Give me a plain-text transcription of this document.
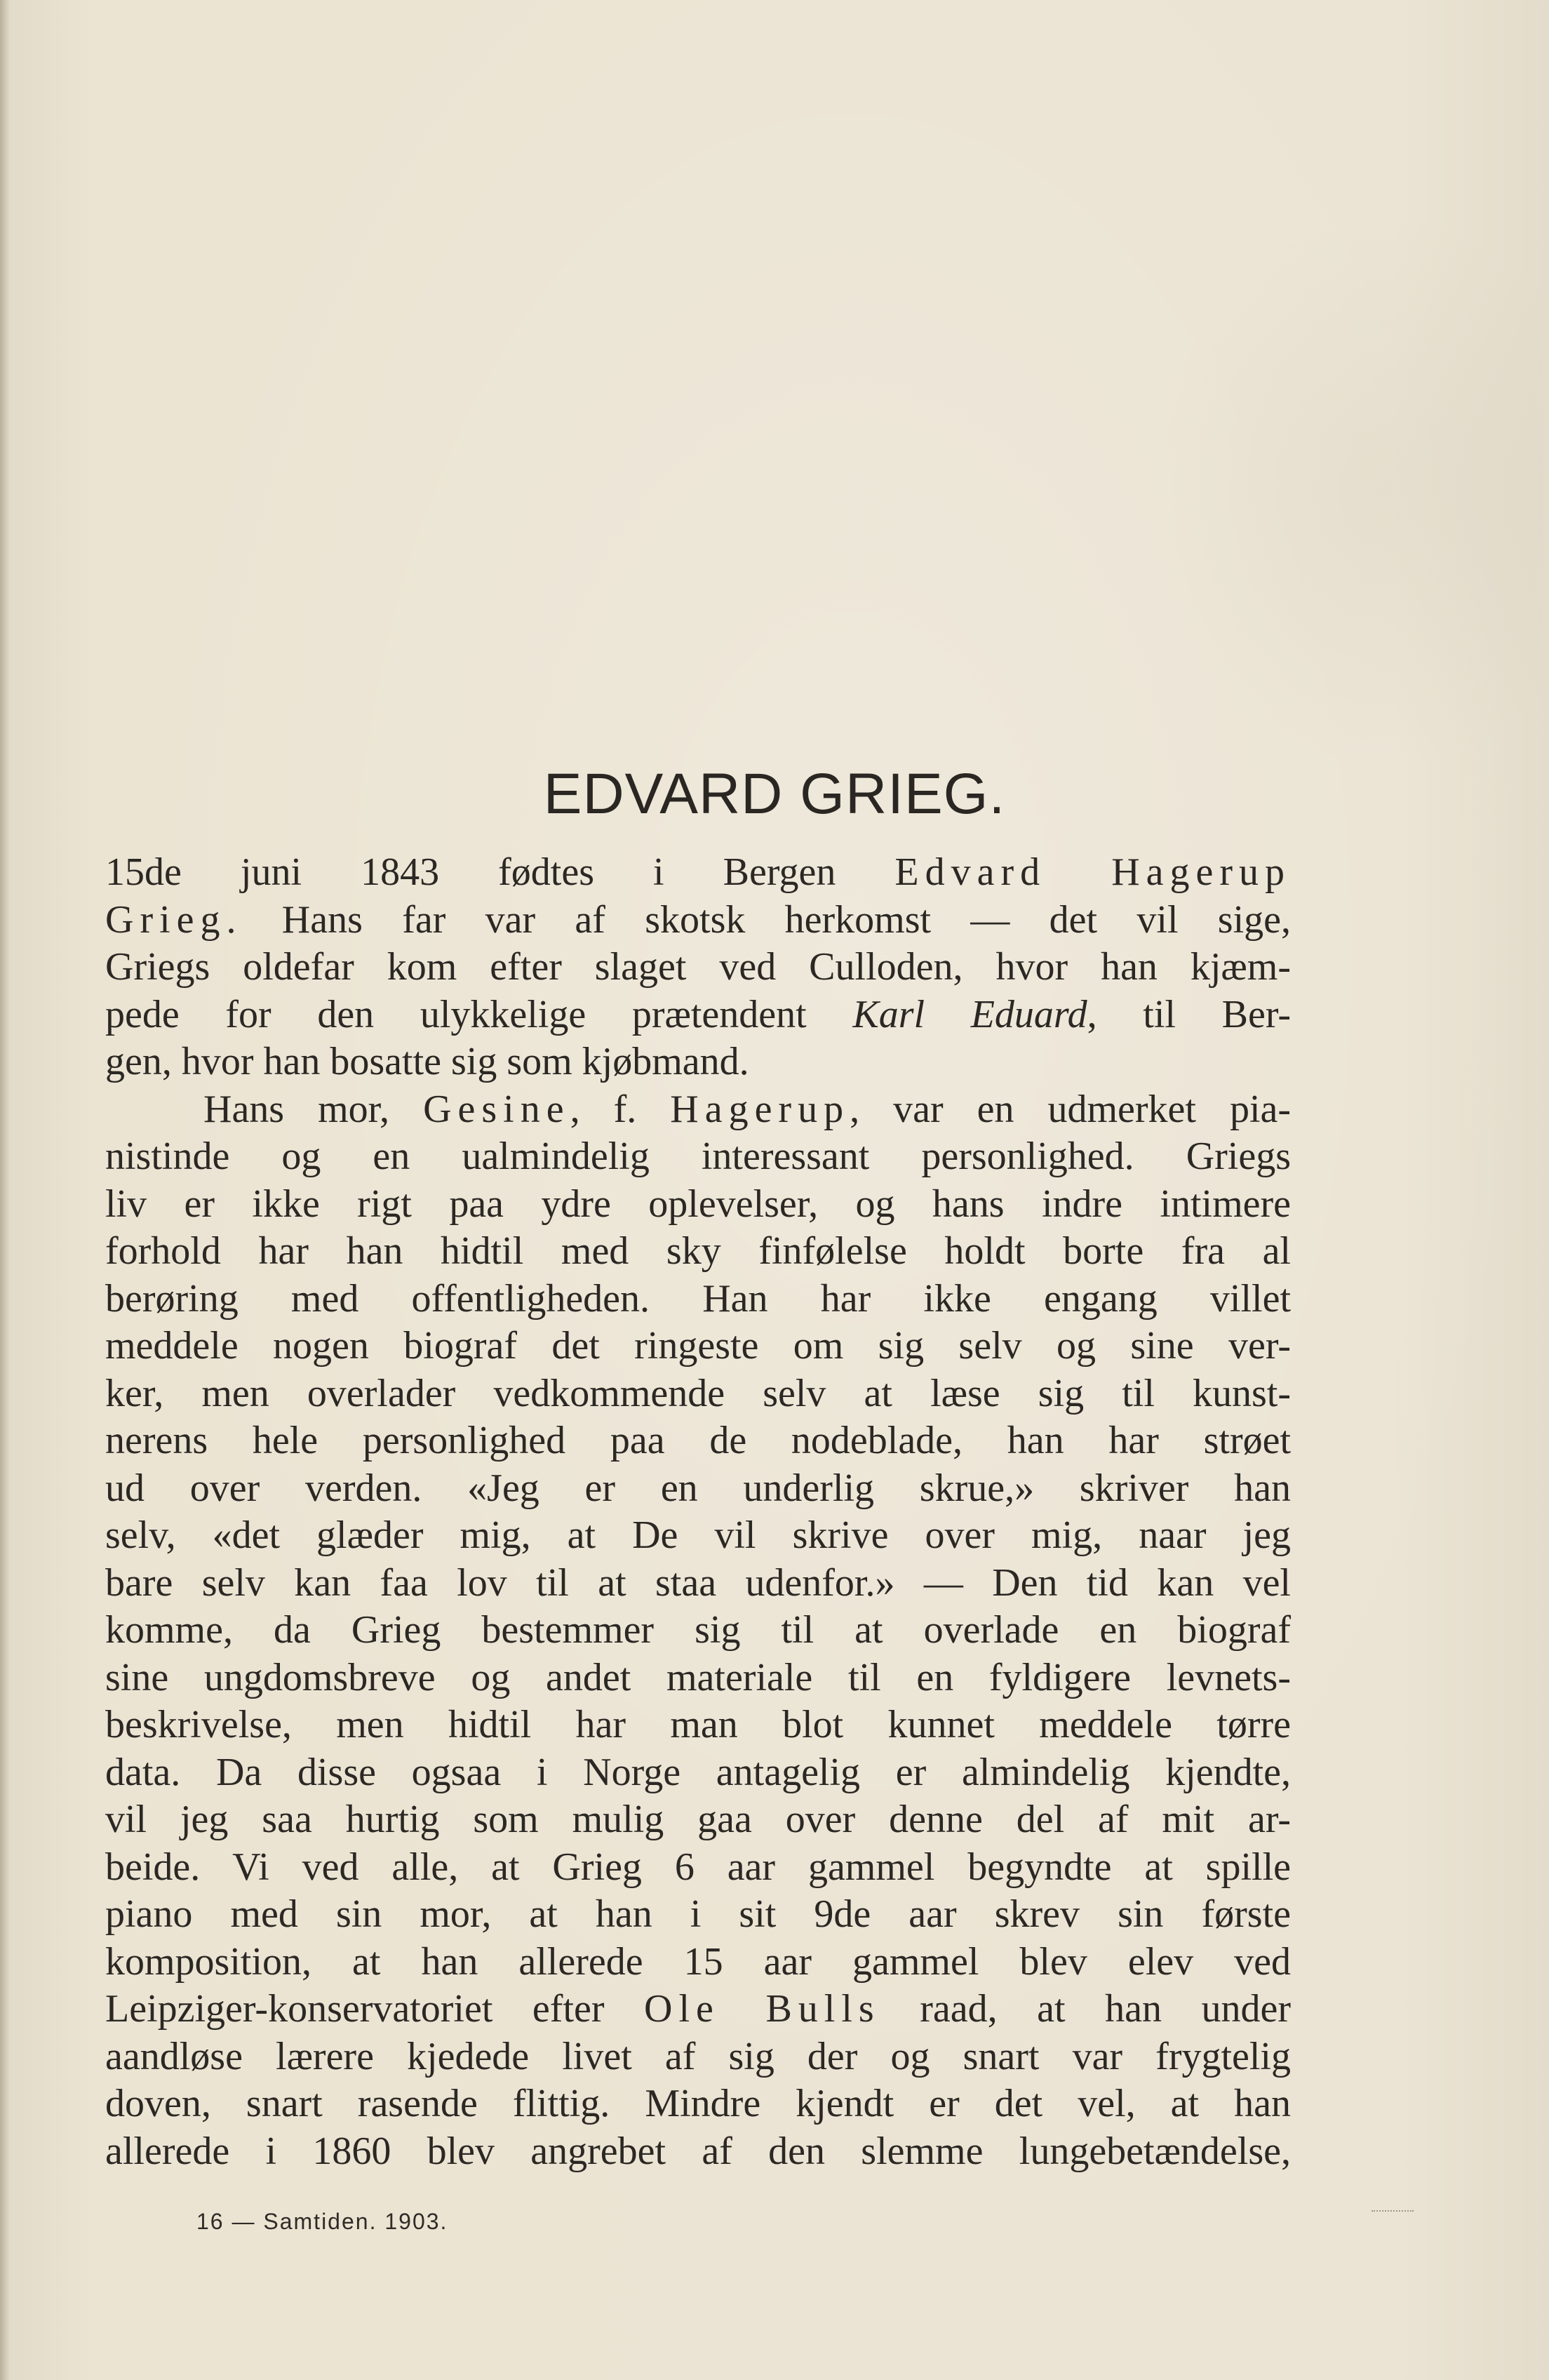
EDVARD GRIEG.
15de juni 1843 fødtes i Bergen Edvard Hagerup
Grieg. Hans far var af skotsk herkomst — det vil sige,
Griegs oldefar kom efter slaget ved Culloden, hvor han kjæm-
pede for den ulykkelige prætendent Karl Eduard, til Ber-
gen, hvor han bosatte sig som kjøbmand.
Hans mor, Gesine, f. Hagerup, var en udmerket pia-
nistinde og en ualmindelig interessant personlighed. Griegs
liv er ikke rigt paa ydre oplevelser, og hans indre intimere
forhold har han hidtil med sky finfølelse holdt borte fra al
berøring med offentligheden. Han har ikke engang villet
meddele nogen biograf det ringeste om sig selv og sine ver-
ker, men overlader vedkommende selv at læse sig til kunst-
nerens hele personlighed paa de nodeblade, han har strøet
ud over verden. «Jeg er en underlig skrue,» skriver han
selv, «det glæder mig, at De vil skrive over mig, naar jeg
bare selv kan faa lov til at staa udenfor.» — Den tid kan vel
komme, da Grieg bestemmer sig til at overlade en biograf
sine ungdomsbreve og andet materiale til en fyldigere levnets-
beskrivelse, men hidtil har man blot kunnet meddele tørre
data. Da disse ogsaa i Norge antagelig er almindelig kjendte,
vil jeg saa hurtig som mulig gaa over denne del af mit ar-
beide. Vi ved alle, at Grieg 6 aar gammel begyndte at spille
piano med sin mor, at han i sit 9de aar skrev sin første
komposition, at han allerede 15 aar gammel blev elev ved
Leipziger-konservatoriet efter Ole Bulls raad, at han under
aandløse lærere kjedede livet af sig der og snart var frygtelig
doven, snart rasende flittig. Mindre kjendt er det vel, at han
allerede i 1860 blev angrebet af den slemme lungebetændelse,
16 — Samtiden. 1903.
